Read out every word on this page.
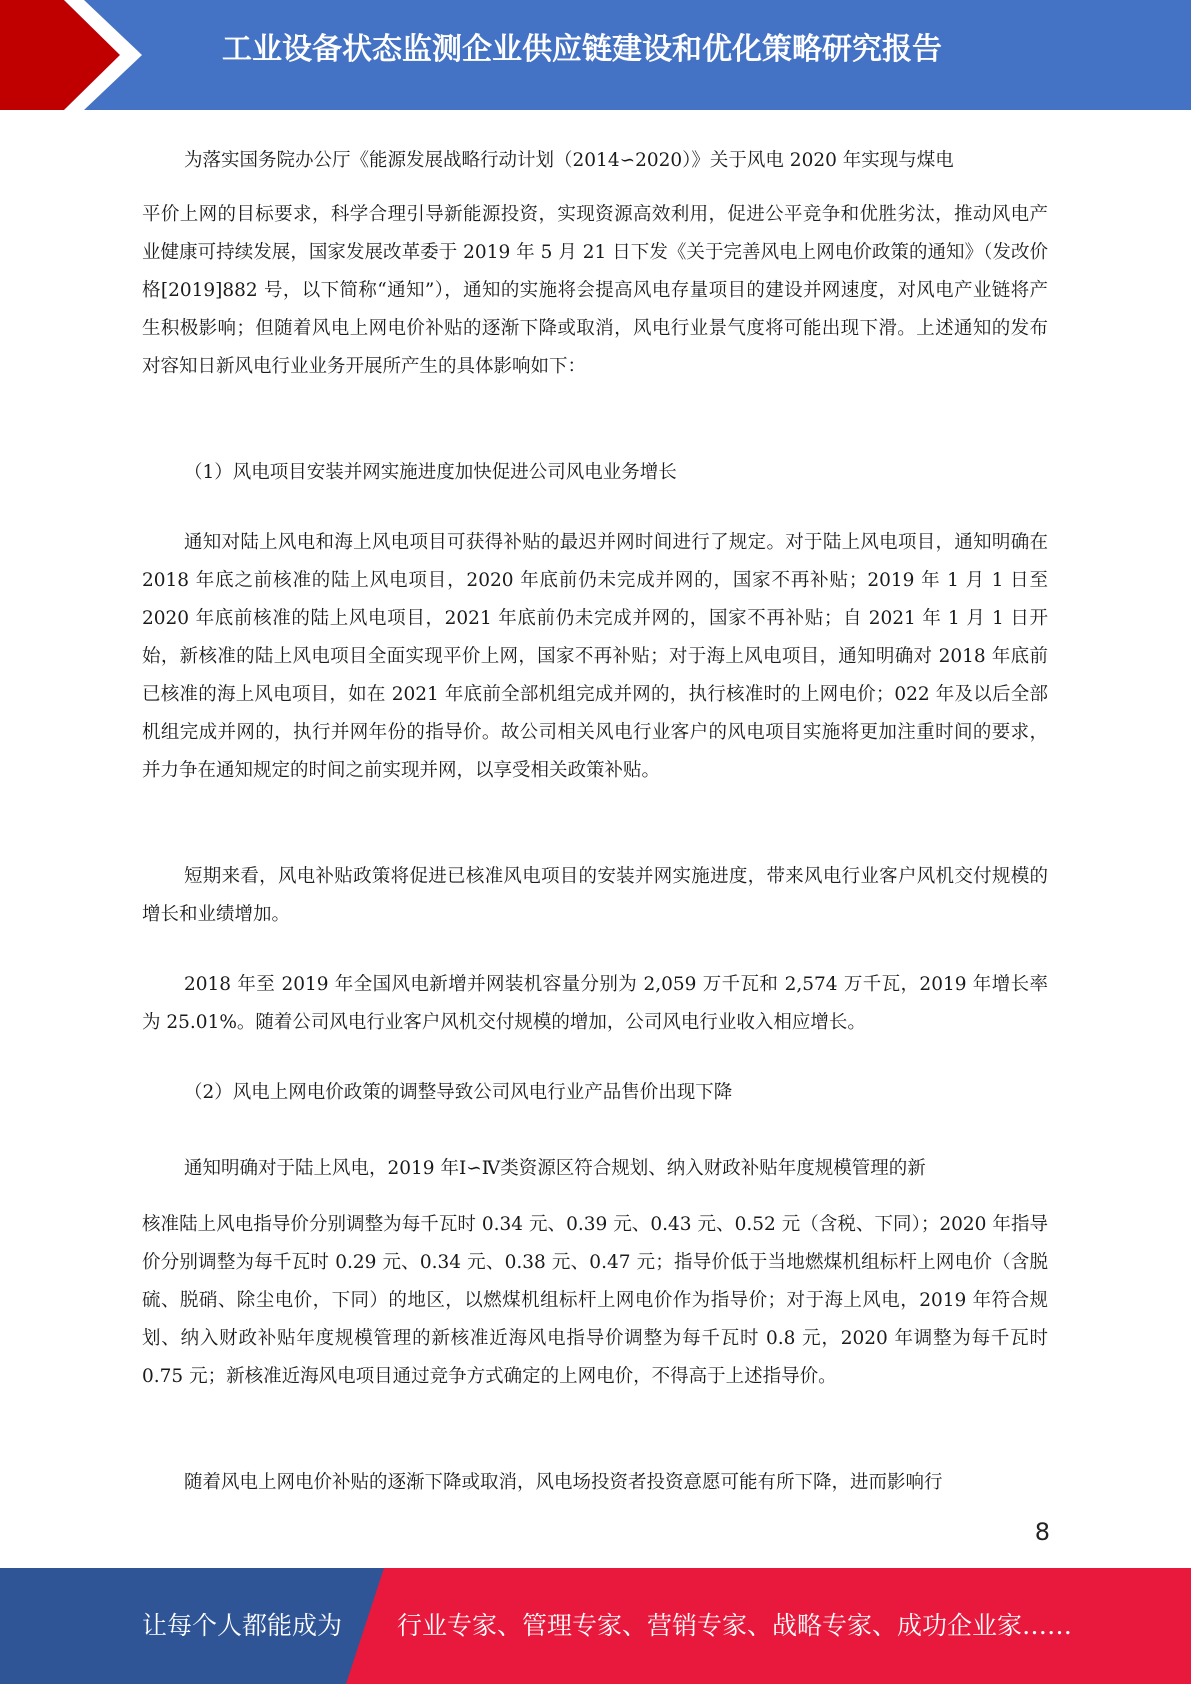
工业设备状态监测企业供应链建设和优化策略研究报告
为落实国务院办公厅《能源发展战略行动计划（2014∽2020）》关于风电 2020 年实现与煤电

平价上网的目标要求，科学合理引导新能源投资，实现资源高效利用，促进公平竞争和优胜劣汰，推动风电产业健康可持续发展，国家发展改革委于 2019 年 5 月 21 日下发《关于完善风电上网电价政策的通知》（发改价格[2019]882 号，以下简称“通知”），通知的实施将会提高风电存量项目的建设并网速度，对风电产业链将产生积极影响；但随着风电上网电价补贴的逐渐下降或取消，风电行业景气度将可能出现下滑。上述通知的发布对容知日新风电行业业务开展所产生的具体影响如下：

（1）风电项目安装并网实施进度加快促进公司风电业务增长

通知对陆上风电和海上风电项目可获得补贴的最迟并网时间进行了规定。对于陆上风电项目，通知明确在 2018 年底之前核准的陆上风电项目，2020 年底前仍未完成并网的，国家不再补贴；2019 年 1 月 1 日至 2020 年底前核准的陆上风电项目，2021 年底前仍未完成并网的，国家不再补贴；自 2021 年 1 月 1 日开始，新核准的陆上风电项目全面实现平价上网，国家不再补贴；对于海上风电项目，通知明确对 2018 年底前已核准的海上风电项目，如在 2021 年底前全部机组完成并网的，执行核准时的上网电价；022 年及以后全部机组完成并网的，执行并网年份的指导价。故公司相关风电行业客户的风电项目实施将更加注重时间的要求，并力争在通知规定的时间之前实现并网，以享受相关政策补贴。

短期来看，风电补贴政策将促进已核准风电项目的安装并网实施进度，带来风电行业客户风机交付规模的增长和业绩增加。

2018 年至 2019 年全国风电新增并网装机容量分别为 2,059 万千瓦和 2,574 万千瓦，2019 年增长率为 25.01%。随着公司风电行业客户风机交付规模的增加，公司风电行业收入相应增长。

（2）风电上网电价政策的调整导致公司风电行业产品售价出现下降
通知明确对于陆上风电，2019 年Ⅰ∽Ⅳ类资源区符合规划、纳入财政补贴年度规模管理的新

核准陆上风电指导价分别调整为每千瓦时 0.34 元、0.39 元、0.43 元、0.52 元（含税、下同）；2020 年指导价分别调整为每千瓦时 0.29 元、0.34 元、0.38 元、0.47 元；指导价低于当地燃煤机组标杆上网电价（含脱硫、脱硝、除尘电价，下同）的地区，以燃煤机组标杆上网电价作为指导价；对于海上风电，2019 年符合规划、纳入财政补贴年度规模管理的新核准近海风电指导价调整为每千瓦时 0.8 元，2020 年调整为每千瓦时 0.75 元；新核准近海风电项目通过竞争方式确定的上网电价，不得高于上述指导价。

随着风电上网电价补贴的逐渐下降或取消，风电场投资者投资意愿可能有所下降，进而影响行
8
让每个人都能成为 行业专家、管理专家、营销专家、战略专家、成功企业家……
